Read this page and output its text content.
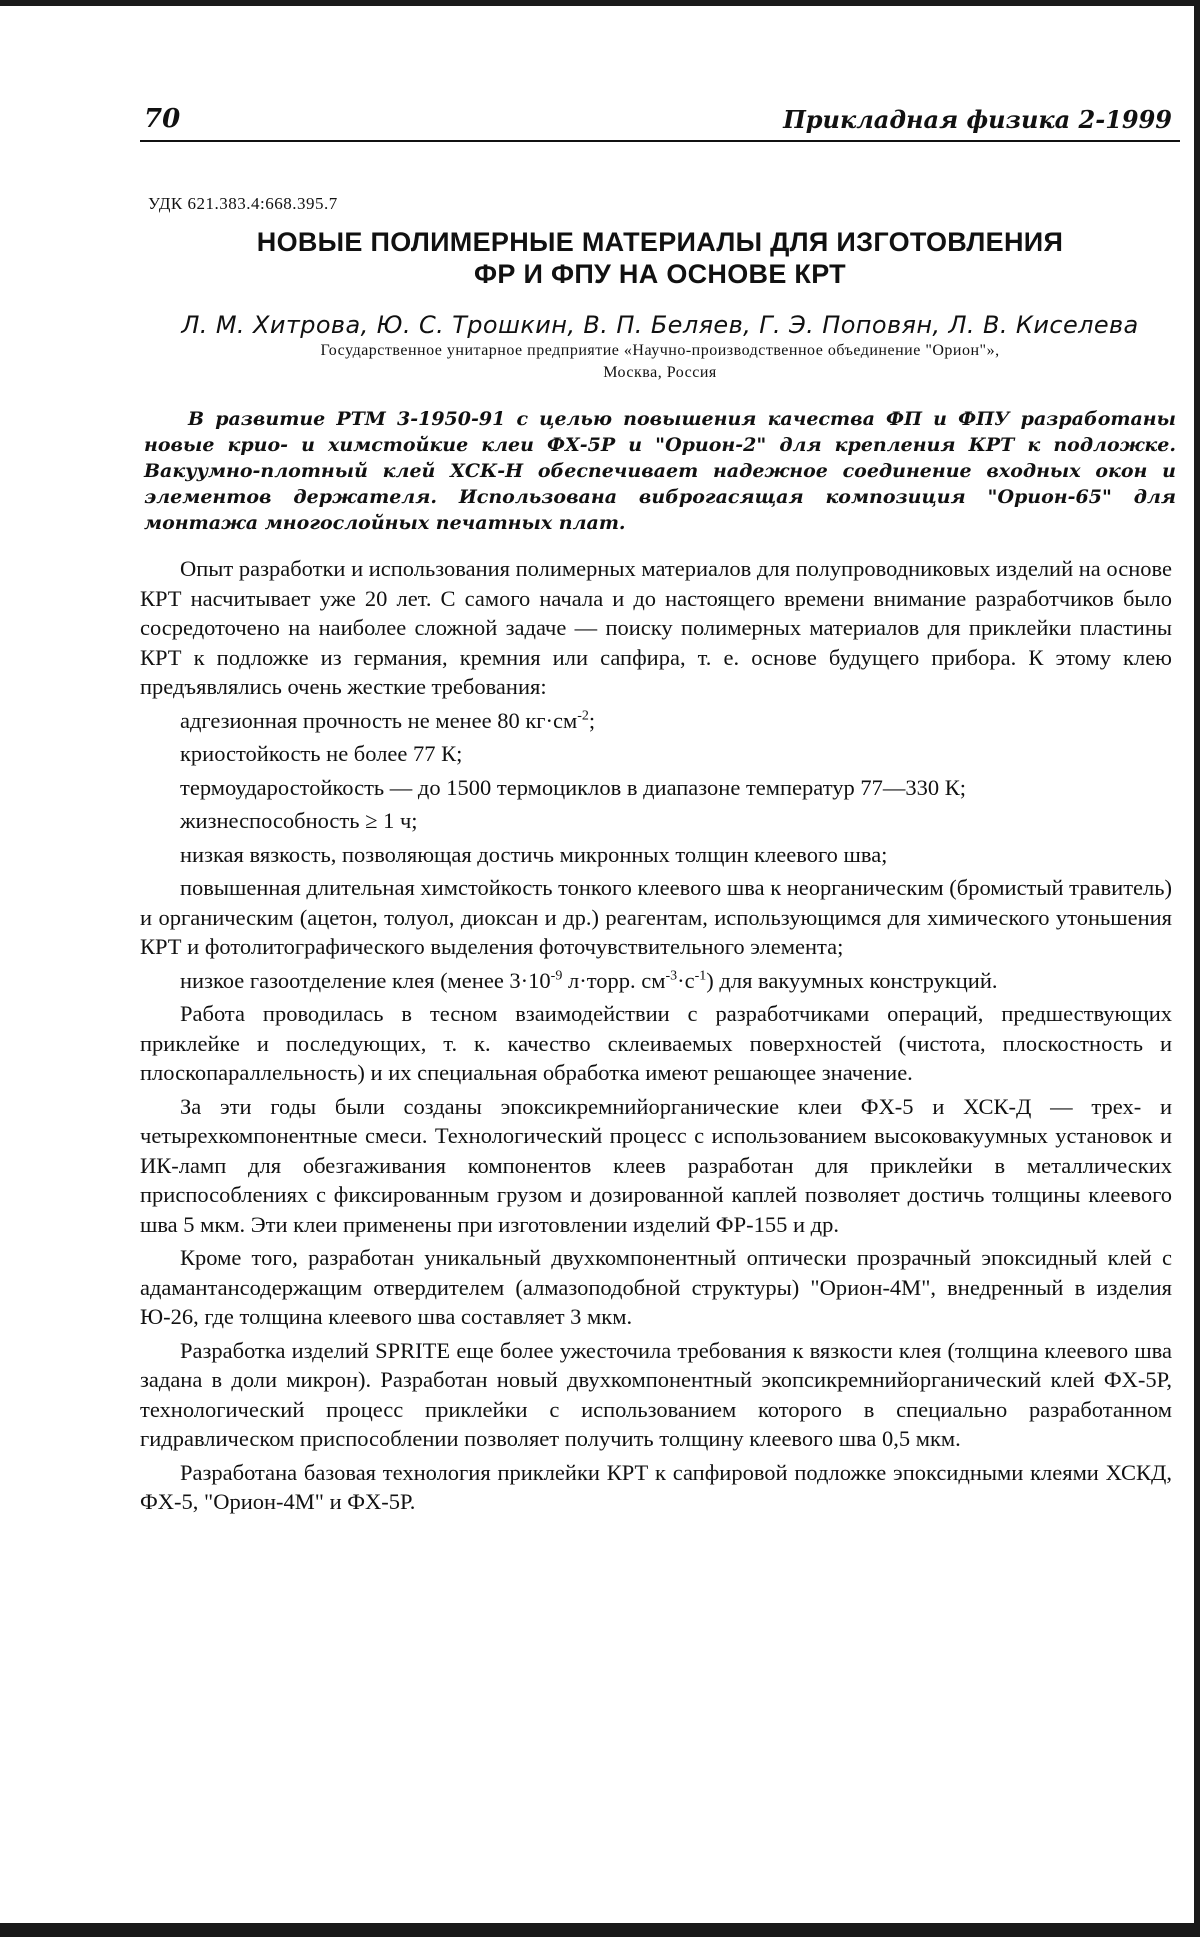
70	Прикладная физика 2-1999
УДК 621.383.4:668.395.7
НОВЫЕ ПОЛИМЕРНЫЕ МАТЕРИАЛЫ ДЛЯ ИЗГОТОВЛЕНИЯ
ФР И ФПУ НА ОСНОВЕ КРТ
Л. М. Хитрова, Ю. С. Трошкин, В. П. Беляев, Г. Э. Поповян, Л. В. Киселева
Государственное унитарное предприятие «Научно-производственное объединение "Орион"»,
Москва, Россия
В развитие РТМ 3-1950-91 с целью повышения качества ФП и ФПУ разработаны новые крио- и химстойкие клеи ФХ-5Р и "Орион-2" для крепления КРТ к подложке. Вакуумно-плотный клей ХСК-Н обеспечивает надежное соединение входных окон и элементов держателя. Использована виброгасящая композиция "Орион-65" для монтажа многослойных печатных плат.

Опыт разработки и использования полимерных материалов для полупроводниковых изделий на основе КРТ насчитывает уже 20 лет. С самого начала и до настоящего времени внимание разработчиков было сосредоточено на наиболее сложной задаче — поиску полимерных материалов для приклейки пластины КРТ к подложке из германия, кремния или сапфира, т. е. основе будущего прибора. К этому клею предъявлялись очень жесткие требования:

адгезионная прочность не менее 80 $кг\cdot см^{-2}$;

криостойкость не более 77 К;

термоударостойкость — до 1500 термоциклов в диапазоне температур 77—330 К;

жизнеспособность ≥ 1 ч;

низкая вязкость, позволяющая достичь микронных толщин клеевого шва;

повышенная длительная химстойкость тонкого клеевого шва к неорганическим (бромистый травитель) и органическим (ацетон, толуол, диоксан и др.) реагентам, использующимся для химического утоньшения КРТ и фотолитографического выделения фоточувствительного элемента;

низкое газоотделение клея (менее $3\cdot 10^{-9}$ л·торр. $см^{-3}\cdot с^{-1}$) для вакуумных конструкций.

Работа проводилась в тесном взаимодействии с разработчиками операций, предшествующих приклейке и последующих, т. к. качество склеиваемых поверхностей (чистота, плоскостность и плоскопараллельность) и их специальная обработка имеют решающее значение.

За эти годы были созданы эпоксикремнийорганические клеи ФХ-5 и ХСК-Д — трех- и четырехкомпонентные смеси. Технологический процесс с использованием высоковакуумных установок и ИК-ламп для обезгаживания компонентов клеев разработан для приклейки в металлических приспособлениях с фиксированным грузом и дозированной каплей позволяет достичь толщины клеевого шва 5 мкм. Эти клеи применены при изготовлении изделий ФР-155 и др.

Кроме того, разработан уникальный двухкомпонентный оптически прозрачный эпоксидный клей с адамантансодержащим отвердителем (алмазоподобной структуры) "Орион-4М", внедренный в изделия Ю-26, где толщина клеевого шва составляет 3 мкм.

Разработка изделий SPRITE еще более ужесточила требования к вязкости клея (толщина клеевого шва задана в доли микрон). Разработан новый двухкомпонентный экопсикремнийорганический клей ФХ-5Р, технологический процесс приклейки с использованием которого в специально разработанном гидравлическом приспособлении позволяет получить толщину клеевого шва 0,5 мкм.

Разработана базовая технология приклейки КРТ к сапфировой подложке эпоксидными клеями ХСКД, ФХ-5, "Орион-4М" и ФХ-5Р.
